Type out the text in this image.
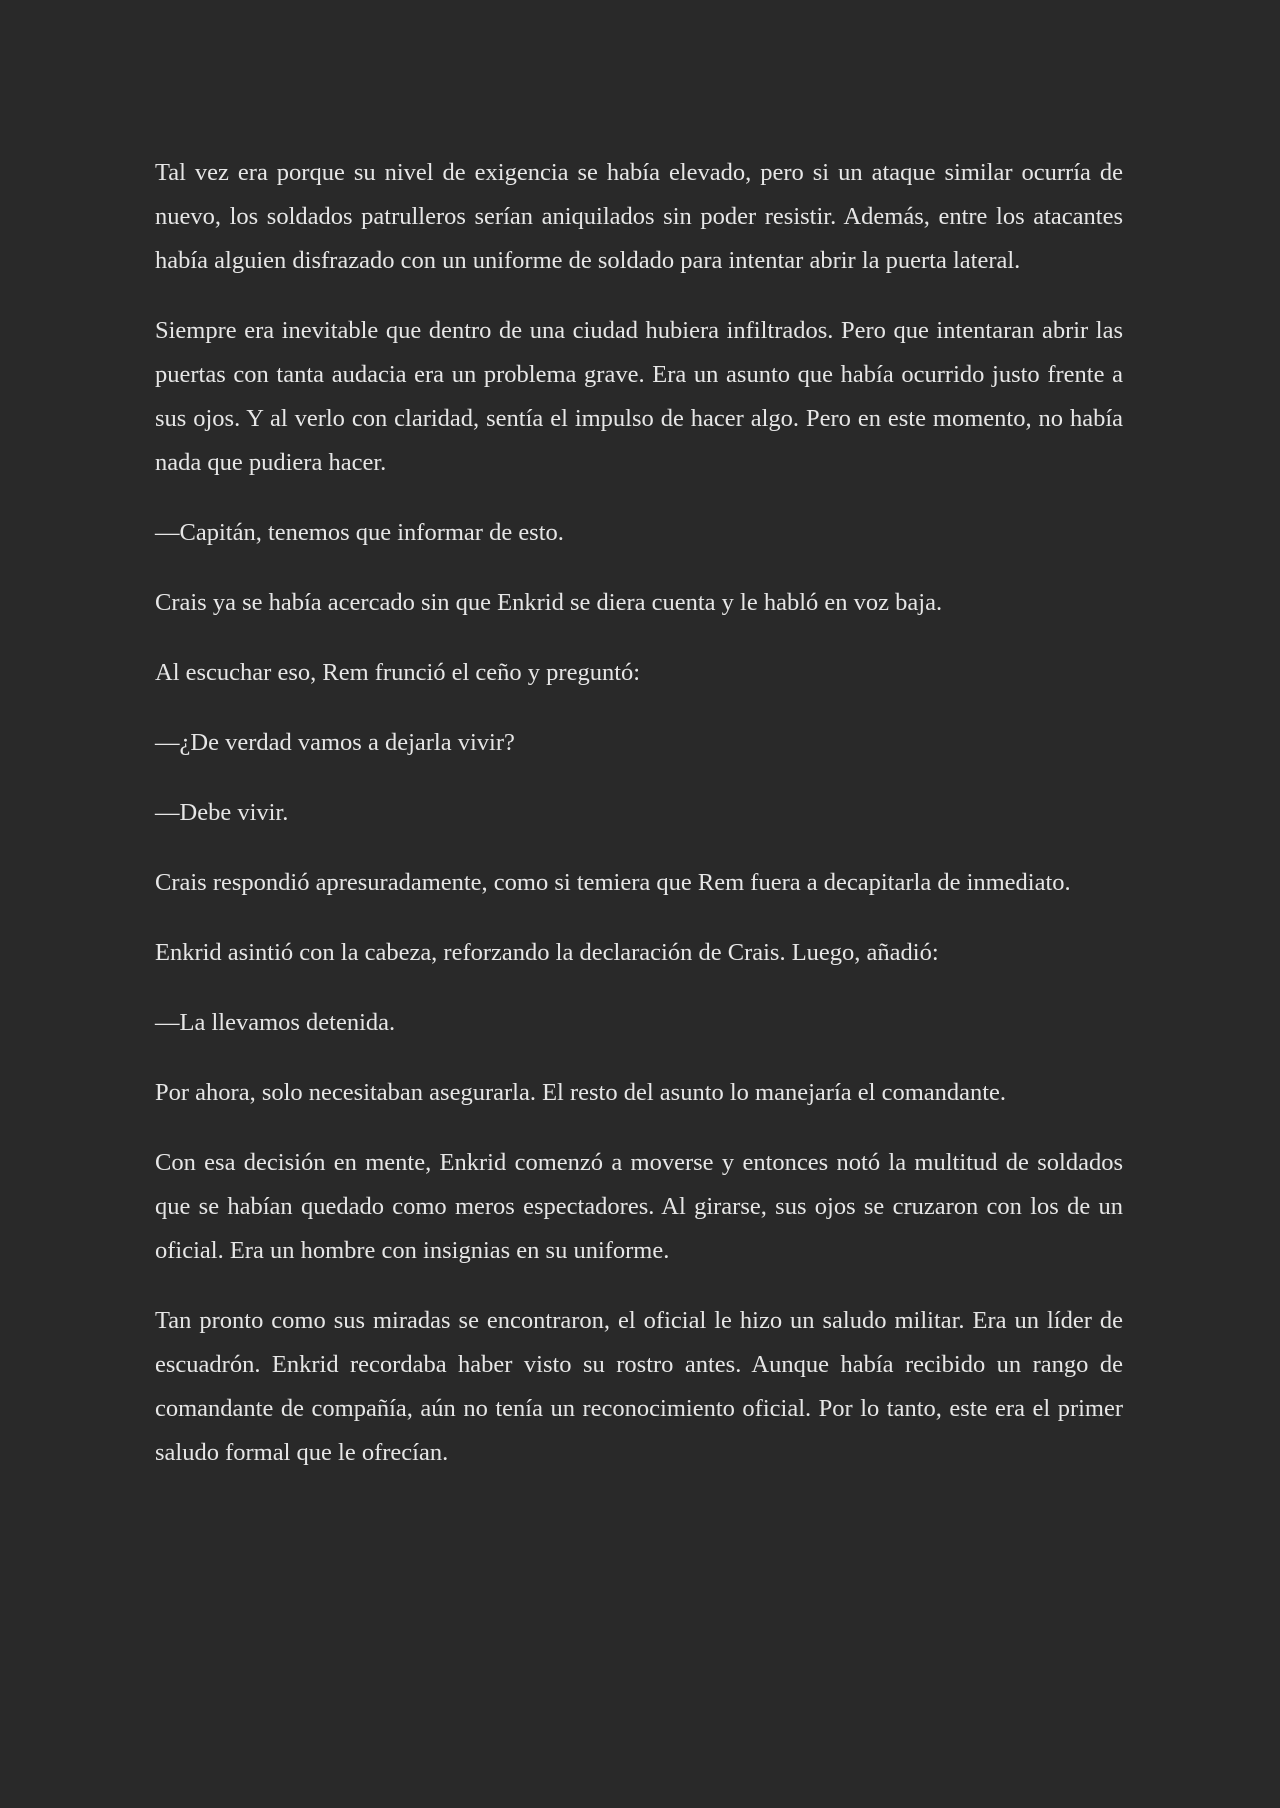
Tal vez era porque su nivel de exigencia se había elevado, pero si un ataque similar ocurría de nuevo, los soldados patrulleros serían aniquilados sin poder resistir. Además, entre los atacantes había alguien disfrazado con un uniforme de soldado para intentar abrir la puerta lateral.

Siempre era inevitable que dentro de una ciudad hubiera infiltrados. Pero que intentaran abrir las puertas con tanta audacia era un problema grave. Era un asunto que había ocurrido justo frente a sus ojos. Y al verlo con claridad, sentía el impulso de hacer algo. Pero en este momento, no había nada que pudiera hacer.

—Capitán, tenemos que informar de esto.

Crais ya se había acercado sin que Enkrid se diera cuenta y le habló en voz baja.

Al escuchar eso, Rem frunció el ceño y preguntó:

—¿De verdad vamos a dejarla vivir?

—Debe vivir.

Crais respondió apresuradamente, como si temiera que Rem fuera a decapitarla de inmediato.

Enkrid asintió con la cabeza, reforzando la declaración de Crais. Luego, añadió:

—La llevamos detenida.

Por ahora, solo necesitaban asegurarla. El resto del asunto lo manejaría el comandante.

Con esa decisión en mente, Enkrid comenzó a moverse y entonces notó la multitud de soldados que se habían quedado como meros espectadores. Al girarse, sus ojos se cruzaron con los de un oficial. Era un hombre con insignias en su uniforme.

Tan pronto como sus miradas se encontraron, el oficial le hizo un saludo militar. Era un líder de escuadrón. Enkrid recordaba haber visto su rostro antes. Aunque había recibido un rango de comandante de compañía, aún no tenía un reconocimiento oficial. Por lo tanto, este era el primer saludo formal que le ofrecían.
